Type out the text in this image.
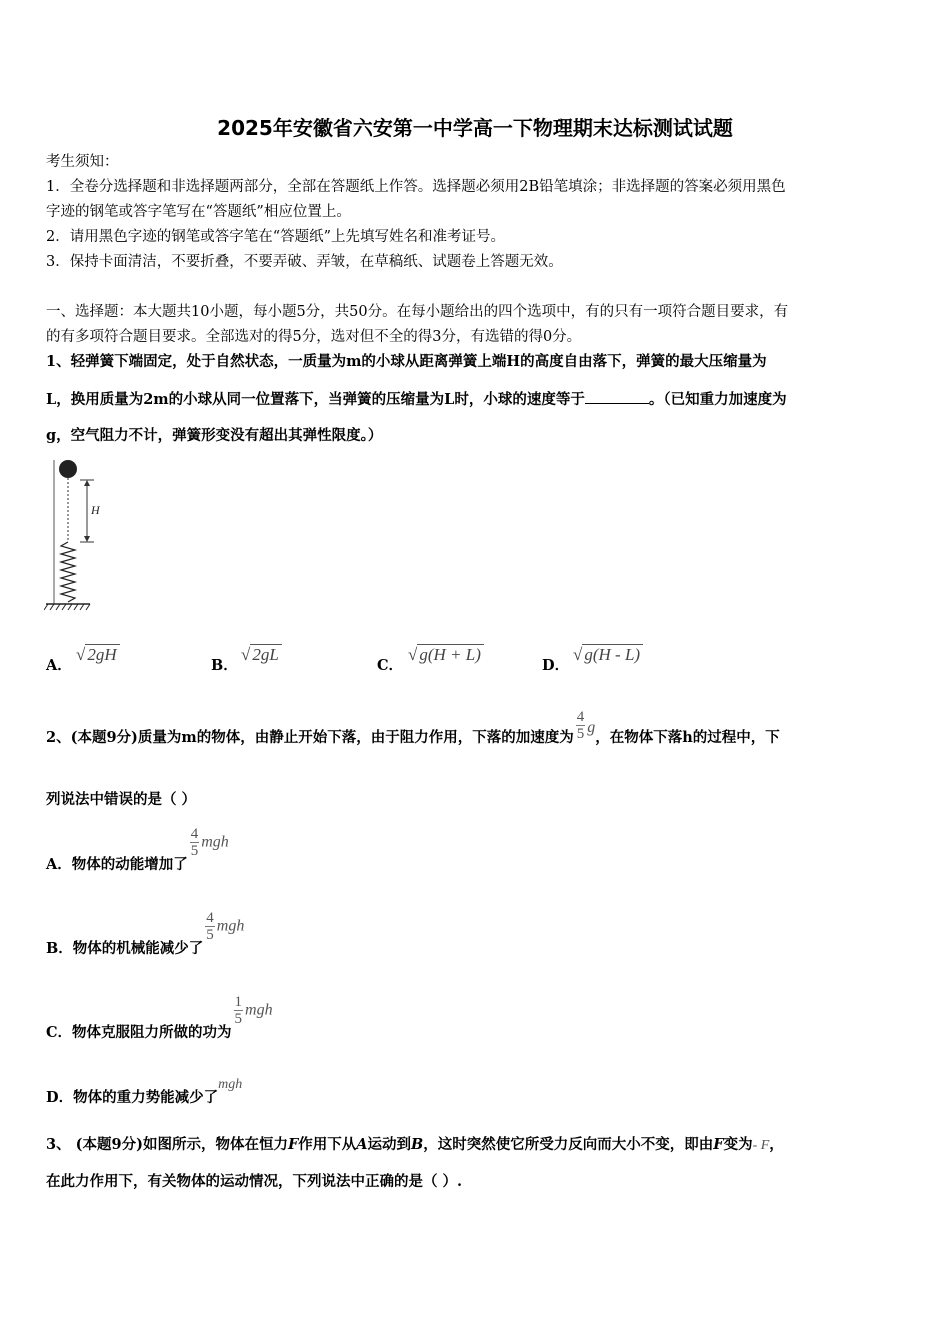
2025年安徽省六安第一中学高一下物理期末达标测试试题
考生须知：
1．全卷分选择题和非选择题两部分，全部在答题纸上作答。选择题必须用2B铅笔填涂；非选择题的答案必须用黑色
字迹的钢笔或答字笔写在“答题纸”相应位置上。
2．请用黑色字迹的钢笔或答字笔在“答题纸”上先填写姓名和准考证号。
3．保持卡面清洁，不要折叠，不要弄破、弄皱，在草稿纸、试题卷上答题无效。
一、选择题：本大题共10小题，每小题5分，共50分。在每小题给出的四个选项中，有的只有一项符合题目要求，有
的有多项符合题目要求。全部选对的得5分，选对但不全的得3分，有选错的得0分。
1、轻弹簧下端固定，处于自然状态，一质量为m的小球从距离弹簧上端H的高度自由落下，弹簧的最大压缩量为
L，换用质量为2m的小球从同一位置落下，当弹簧的压缩量为L时，小球的速度等于	。（已知重力加速度为
g，空气阻力不计，弹簧形变没有超出其弹性限度。）
H
A．
√ 2gH
B．
√ 2gL
C．
√ g(H + L)
D．
√ g(H - L)
2、(本题9分)质量为m的物体，由静止开始下落，由于阻力作用，下落的加速度为 $\frac{4}{5}$ g，在物体下落h的过程中，下
列说法中错误的是（ ）
A．物体的动能增加了
$\frac{4}{5}$ mgh
B．物体的机械能减少了
$\frac{4}{5}$ mgh
C．物体克服阻力所做的功为
$\frac{1}{5}$ mgh
D．物体的重力势能减少了mgh
3、 (本题9分)如图所示，物体在恒力F作用下从A运动到B，这时突然使它所受力反向而大小不变，即由F变为- F，
在此力作用下，有关物体的运动情况，下列说法中正确的是（ ）.
